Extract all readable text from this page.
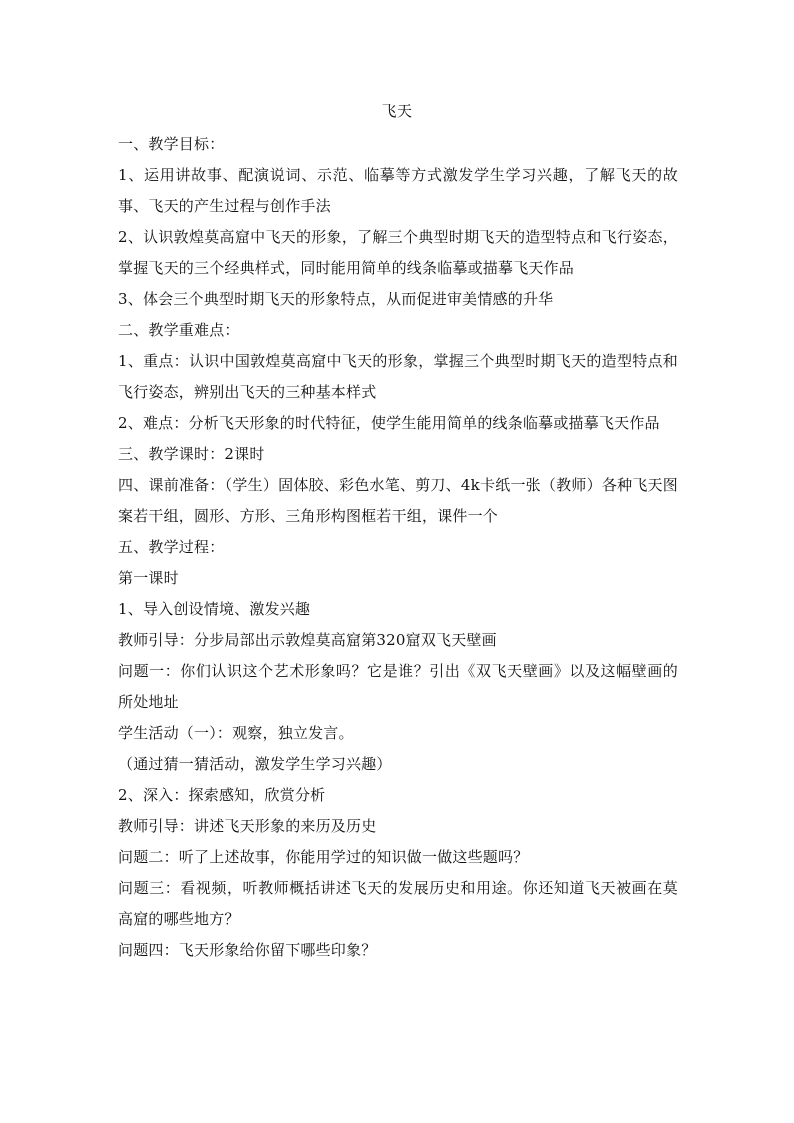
飞天

一、教学目标：

1、运用讲故事、配演说词、示范、临摹等方式激发学生学习兴趣，了解飞天的故事、飞天的产生过程与创作手法

2、认识敦煌莫高窟中飞天的形象，了解三个典型时期飞天的造型特点和飞行姿态，掌握飞天的三个经典样式，同时能用简单的线条临摹或描摹飞天作品

3、体会三个典型时期飞天的形象特点，从而促进审美情感的升华

二、教学重难点：

1、重点：认识中国敦煌莫高窟中飞天的形象，掌握三个典型时期飞天的造型特点和飞行姿态，辨别出飞天的三种基本样式

2、难点：分析飞天形象的时代特征，使学生能用简单的线条临摹或描摹飞天作品

三、教学课时：2课时

四、课前准备：（学生）固体胶、彩色水笔、剪刀、4k卡纸一张（教师）各种飞天图案若干组，圆形、方形、三角形构图框若干组，课件一个

五、教学过程：

第一课时

1、导入创设情境、激发兴趣

教师引导：分步局部出示敦煌莫高窟第320窟双飞天壁画

问题一：你们认识这个艺术形象吗？它是谁？引出《双飞天壁画》以及这幅壁画的所处地址

学生活动（一）：观察，独立发言。

（通过猜一猜活动，激发学生学习兴趣）

2、深入：探索感知，欣赏分析

教师引导：讲述飞天形象的来历及历史

问题二：听了上述故事，你能用学过的知识做一做这些题吗？

问题三：看视频，听教师概括讲述飞天的发展历史和用途。你还知道飞天被画在莫高窟的哪些地方？

问题四：飞天形象给你留下哪些印象？
